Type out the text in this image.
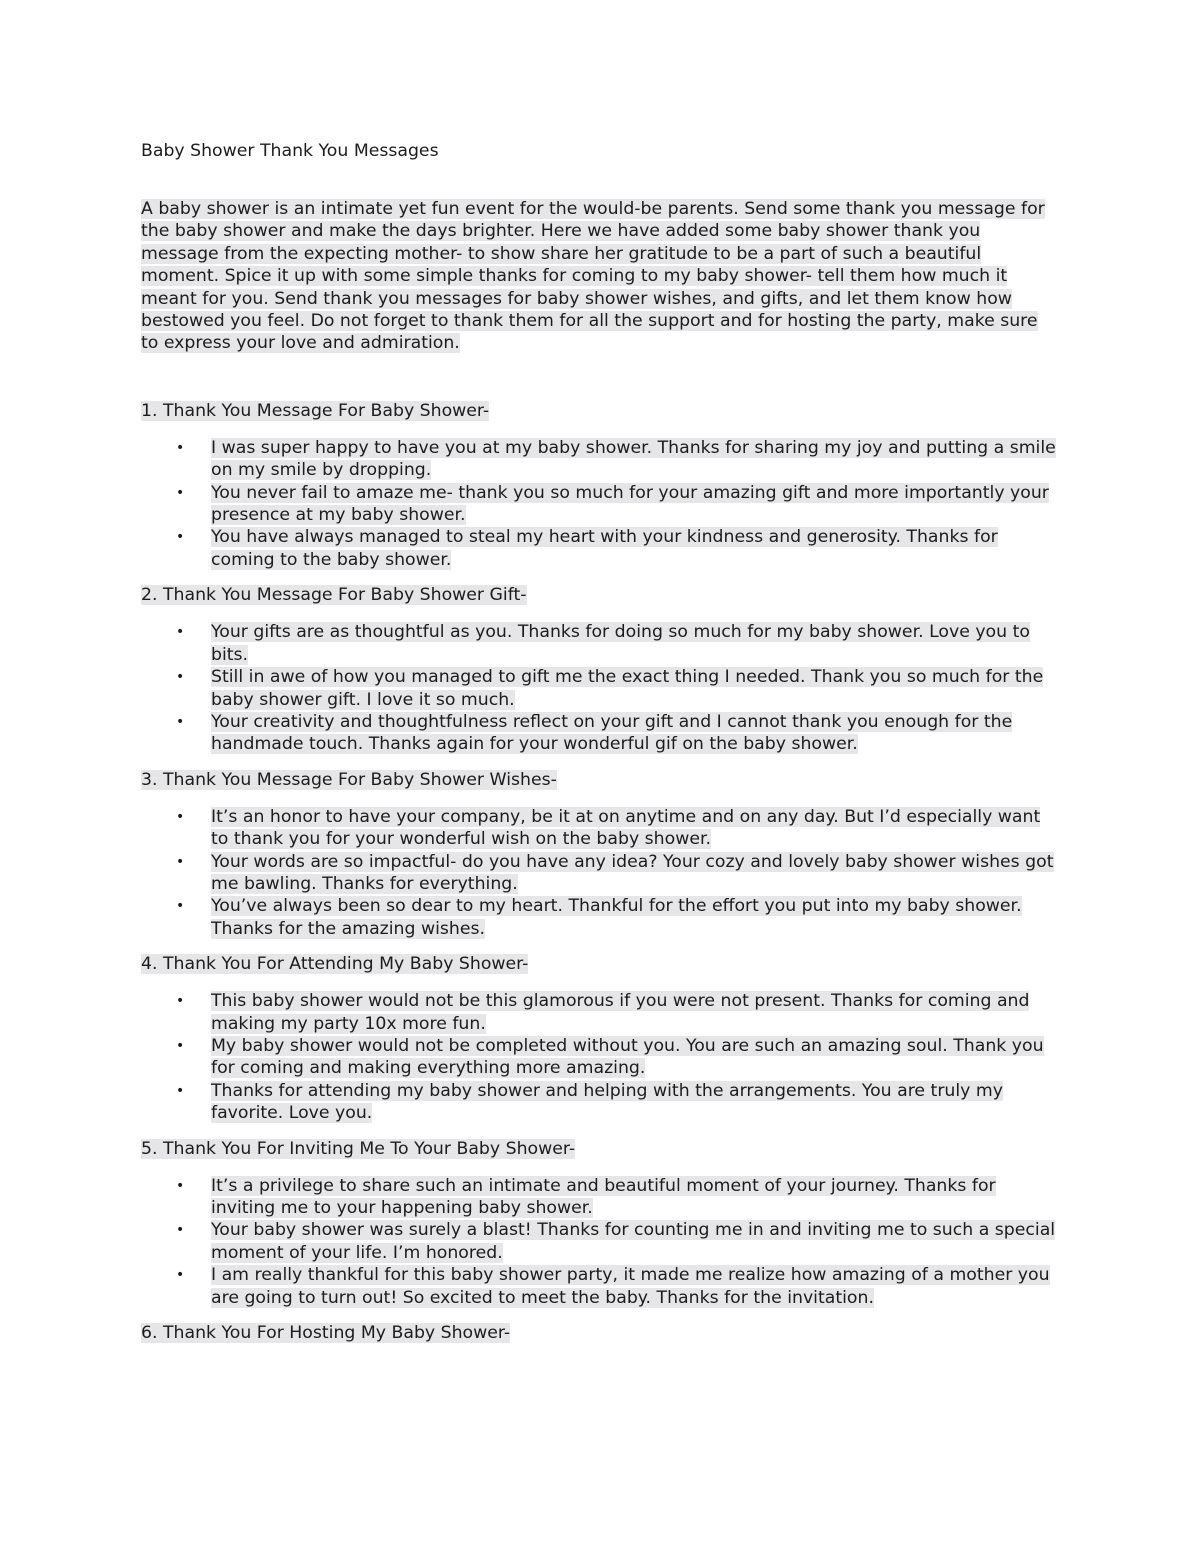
Baby Shower Thank You Messages

A baby shower is an intimate yet fun event for the would-be parents. Send some thank you message for the baby shower and make the days brighter. Here we have added some baby shower thank you message from the expecting mother- to show share her gratitude to be a part of such a beautiful moment. Spice it up with some simple thanks for coming to my baby shower- tell them how much it meant for you. Send thank you messages for baby shower wishes, and gifts, and let them know how bestowed you feel. Do not forget to thank them for all the support and for hosting the party, make sure to express your love and admiration.

1. Thank You Message For Baby Shower-

• I was super happy to have you at my baby shower. Thanks for sharing my joy and putting a smile on my smile by dropping.
• You never fail to amaze me- thank you so much for your amazing gift and more importantly your presence at my baby shower.
• You have always managed to steal my heart with your kindness and generosity. Thanks for coming to the baby shower.

2. Thank You Message For Baby Shower Gift-

• Your gifts are as thoughtful as you. Thanks for doing so much for my baby shower. Love you to bits.
• Still in awe of how you managed to gift me the exact thing I needed. Thank you so much for the baby shower gift. I love it so much.
• Your creativity and thoughtfulness reflect on your gift and I cannot thank you enough for the handmade touch. Thanks again for your wonderful gif on the baby shower.

3. Thank You Message For Baby Shower Wishes-

• It’s an honor to have your company, be it at on anytime and on any day. But I’d especially want to thank you for your wonderful wish on the baby shower.
• Your words are so impactful- do you have any idea? Your cozy and lovely baby shower wishes got me bawling. Thanks for everything.
• You’ve always been so dear to my heart. Thankful for the effort you put into my baby shower. Thanks for the amazing wishes.

4. Thank You For Attending My Baby Shower-

• This baby shower would not be this glamorous if you were not present. Thanks for coming and making my party 10x more fun.
• My baby shower would not be completed without you. You are such an amazing soul. Thank you for coming and making everything more amazing.
• Thanks for attending my baby shower and helping with the arrangements. You are truly my favorite. Love you.

5. Thank You For Inviting Me To Your Baby Shower-

• It’s a privilege to share such an intimate and beautiful moment of your journey. Thanks for inviting me to your happening baby shower.
• Your baby shower was surely a blast! Thanks for counting me in and inviting me to such a special moment of your life. I’m honored.
• I am really thankful for this baby shower party, it made me realize how amazing of a mother you are going to turn out! So excited to meet the baby. Thanks for the invitation.

6. Thank You For Hosting My Baby Shower-
